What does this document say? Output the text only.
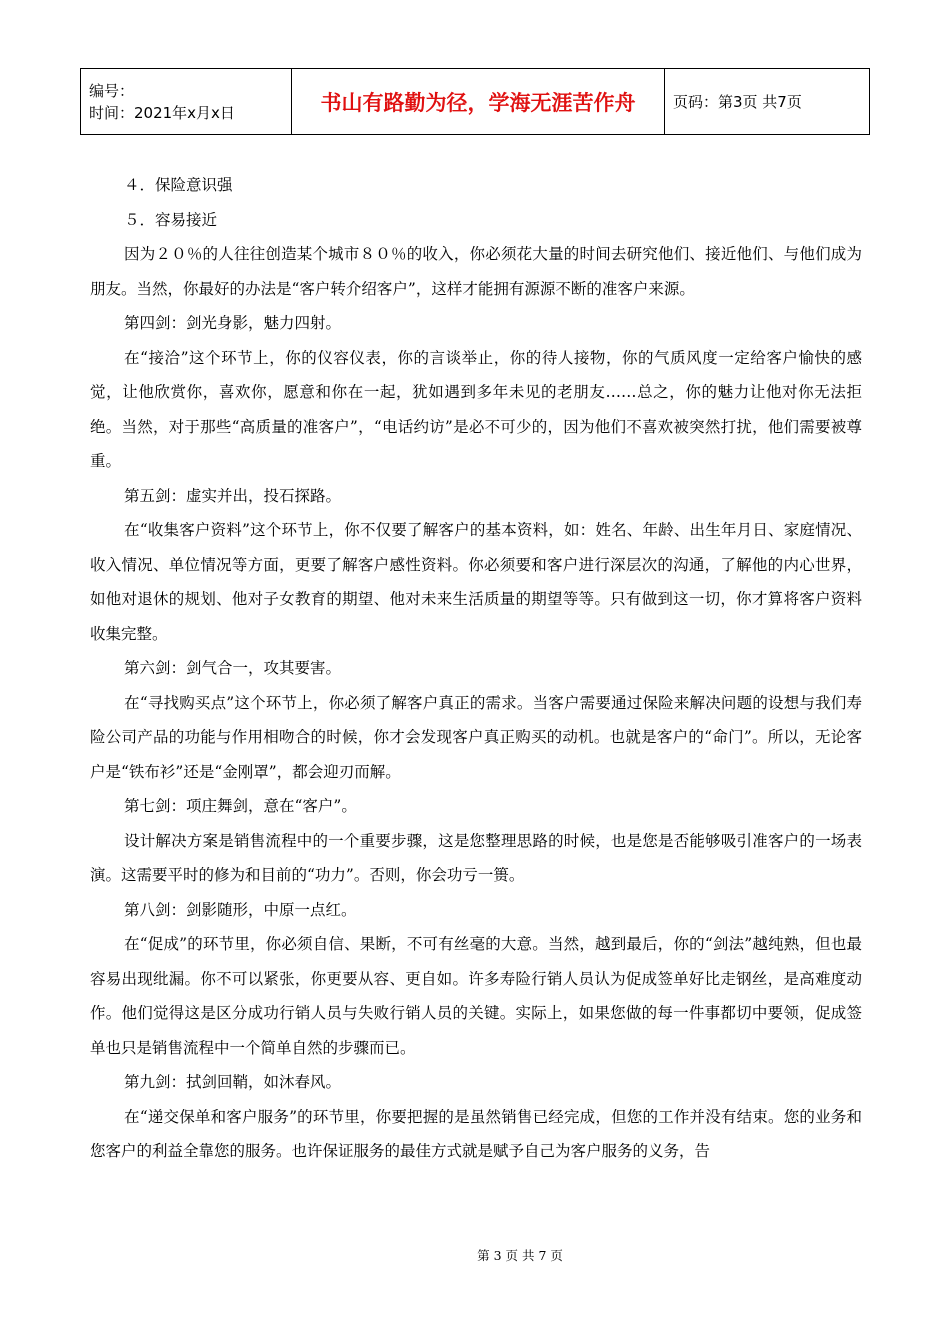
编号：
时间：2021年x月x日	书山有路勤为径，学海无涯苦作舟	页码：第3页 共7页

４．保险意识强

５．容易接近

因为２０％的人往往创造某个城市８０％的收入，你必须花大量的时间去研究他们、接近他们、与他们成为朋友。当然，你最好的办法是“客户转介绍客户”，这样才能拥有源源不断的准客户来源。

第四剑：剑光身影，魅力四射。

在“接洽”这个环节上，你的仪容仪表，你的言谈举止，你的待人接物，你的气质风度一定给客户愉快的感觉，让他欣赏你，喜欢你，愿意和你在一起，犹如遇到多年未见的老朋友……总之，你的魅力让他对你无法拒绝。当然，对于那些“高质量的准客户”，“电话约访”是必不可少的，因为他们不喜欢被突然打扰，他们需要被尊重。

第五剑：虚实并出，投石探路。

在“收集客户资料”这个环节上，你不仅要了解客户的基本资料，如：姓名、年龄、出生年月日、家庭情况、收入情况、单位情况等方面，更要了解客户感性资料。你必须要和客户进行深层次的沟通，了解他的内心世界，如他对退休的规划、他对子女教育的期望、他对未来生活质量的期望等等。只有做到这一切，你才算将客户资料收集完整。

第六剑：剑气合一，攻其要害。

在“寻找购买点”这个环节上，你必须了解客户真正的需求。当客户需要通过保险来解决问题的设想与我们寿险公司产品的功能与作用相吻合的时候，你才会发现客户真正购买的动机。也就是客户的“命门”。所以，无论客户是“铁布衫”还是“金刚罩”，都会迎刃而解。

第七剑：项庄舞剑，意在“客户”。

设计解决方案是销售流程中的一个重要步骤，这是您整理思路的时候，也是您是否能够吸引准客户的一场表演。这需要平时的修为和目前的“功力”。否则，你会功亏一篑。

第八剑：剑影随形，中原一点红。

在“促成”的环节里，你必须自信、果断，不可有丝毫的大意。当然，越到最后，你的“剑法”越纯熟，但也最容易出现纰漏。你不可以紧张，你更要从容、更自如。许多寿险行销人员认为促成签单好比走钢丝，是高难度动作。他们觉得这是区分成功行销人员与失败行销人员的关键。实际上，如果您做的每一件事都切中要领，促成签单也只是销售流程中一个简单自然的步骤而已。

第九剑：拭剑回鞘，如沐春风。

在“递交保单和客户服务”的环节里，你要把握的是虽然销售已经完成，但您的工作并没有结束。您的业务和您客户的利益全靠您的服务。也许保证服务的最佳方式就是赋予自己为客户服务的义务，告

第 3 页 共 7 页
